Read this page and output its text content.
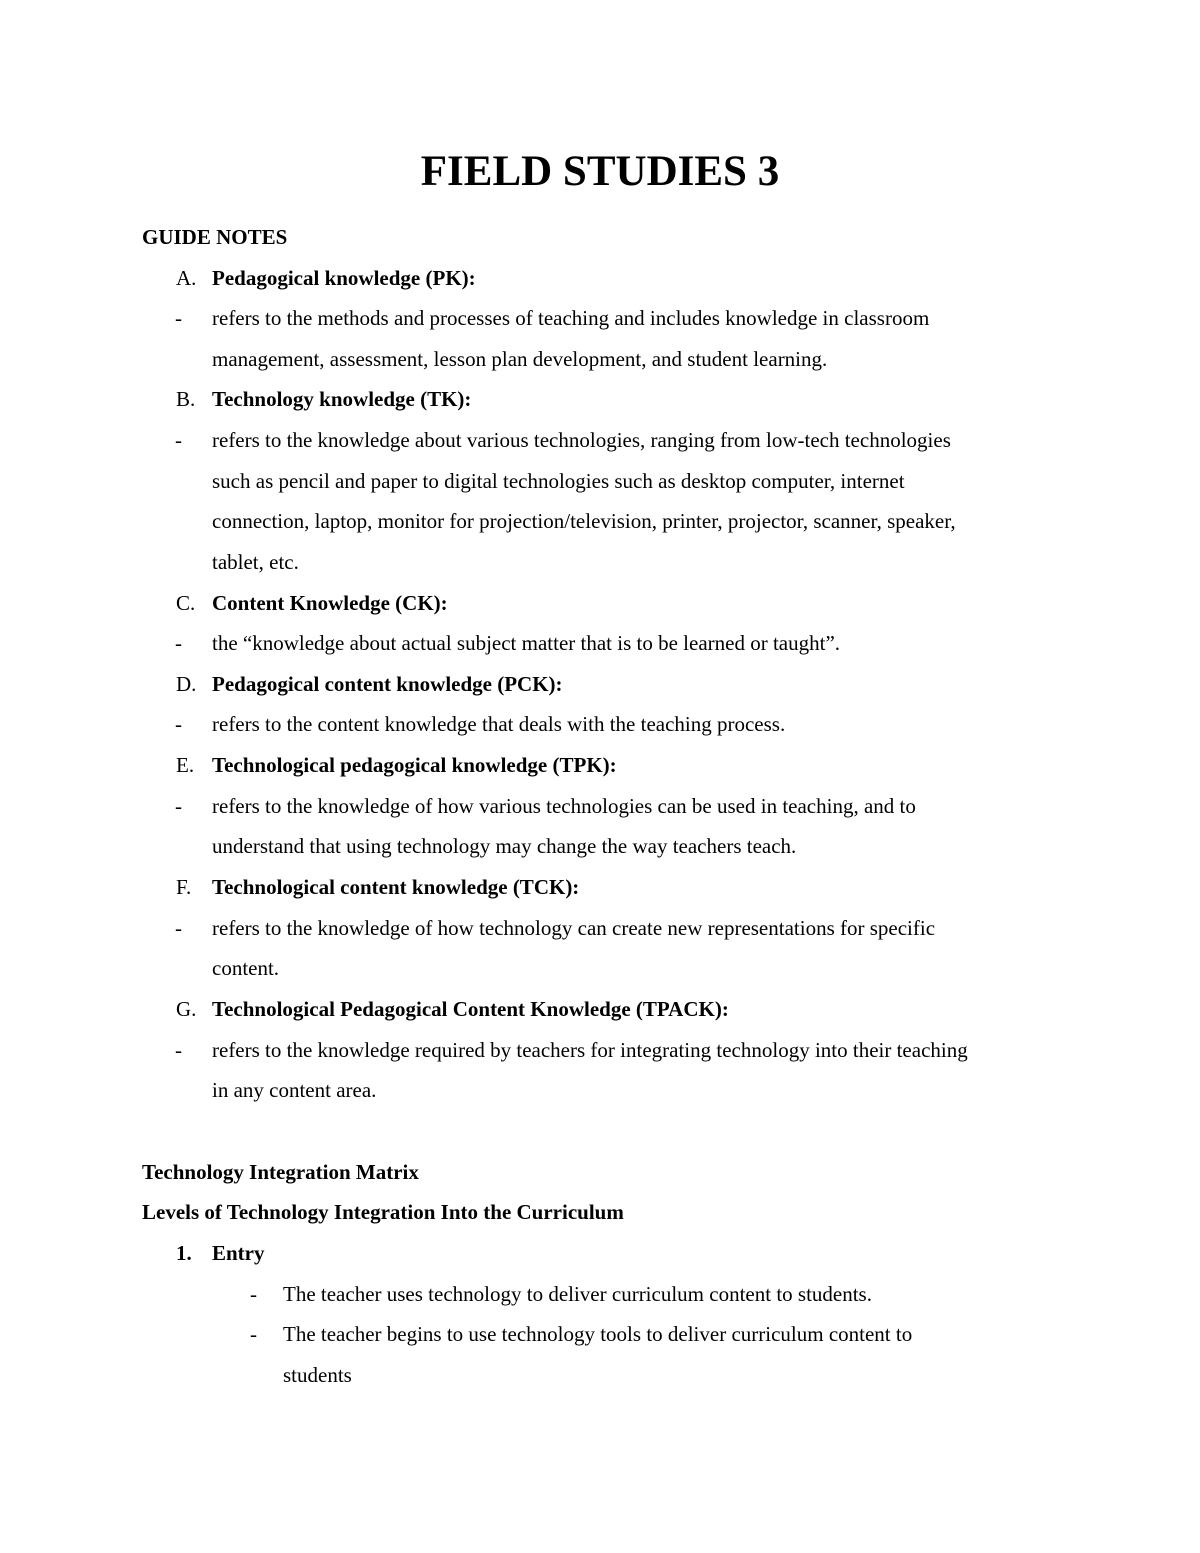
FIELD STUDIES 3
GUIDE NOTES
A. Pedagogical knowledge (PK):
- refers to the methods and processes of teaching and includes knowledge in classroom
management, assessment, lesson plan development, and student learning.
B. Technology knowledge (TK):
- refers to the knowledge about various technologies, ranging from low-tech technologies
such as pencil and paper to digital technologies such as desktop computer, internet
connection, laptop, monitor for projection/television, printer, projector, scanner, speaker,
tablet, etc.
C. Content Knowledge (CK):
- the “knowledge about actual subject matter that is to be learned or taught”.
D. Pedagogical content knowledge (PCK):
- refers to the content knowledge that deals with the teaching process.
E. Technological pedagogical knowledge (TPK):
- refers to the knowledge of how various technologies can be used in teaching, and to
understand that using technology may change the way teachers teach.
F. Technological content knowledge (TCK):
- refers to the knowledge of how technology can create new representations for specific
content.
G. Technological Pedagogical Content Knowledge (TPACK):
- refers to the knowledge required by teachers for integrating technology into their teaching
in any content area.
Technology Integration Matrix
Levels of Technology Integration Into the Curriculum
1. Entry
- The teacher uses technology to deliver curriculum content to students.
- The teacher begins to use technology tools to deliver curriculum content to
students
